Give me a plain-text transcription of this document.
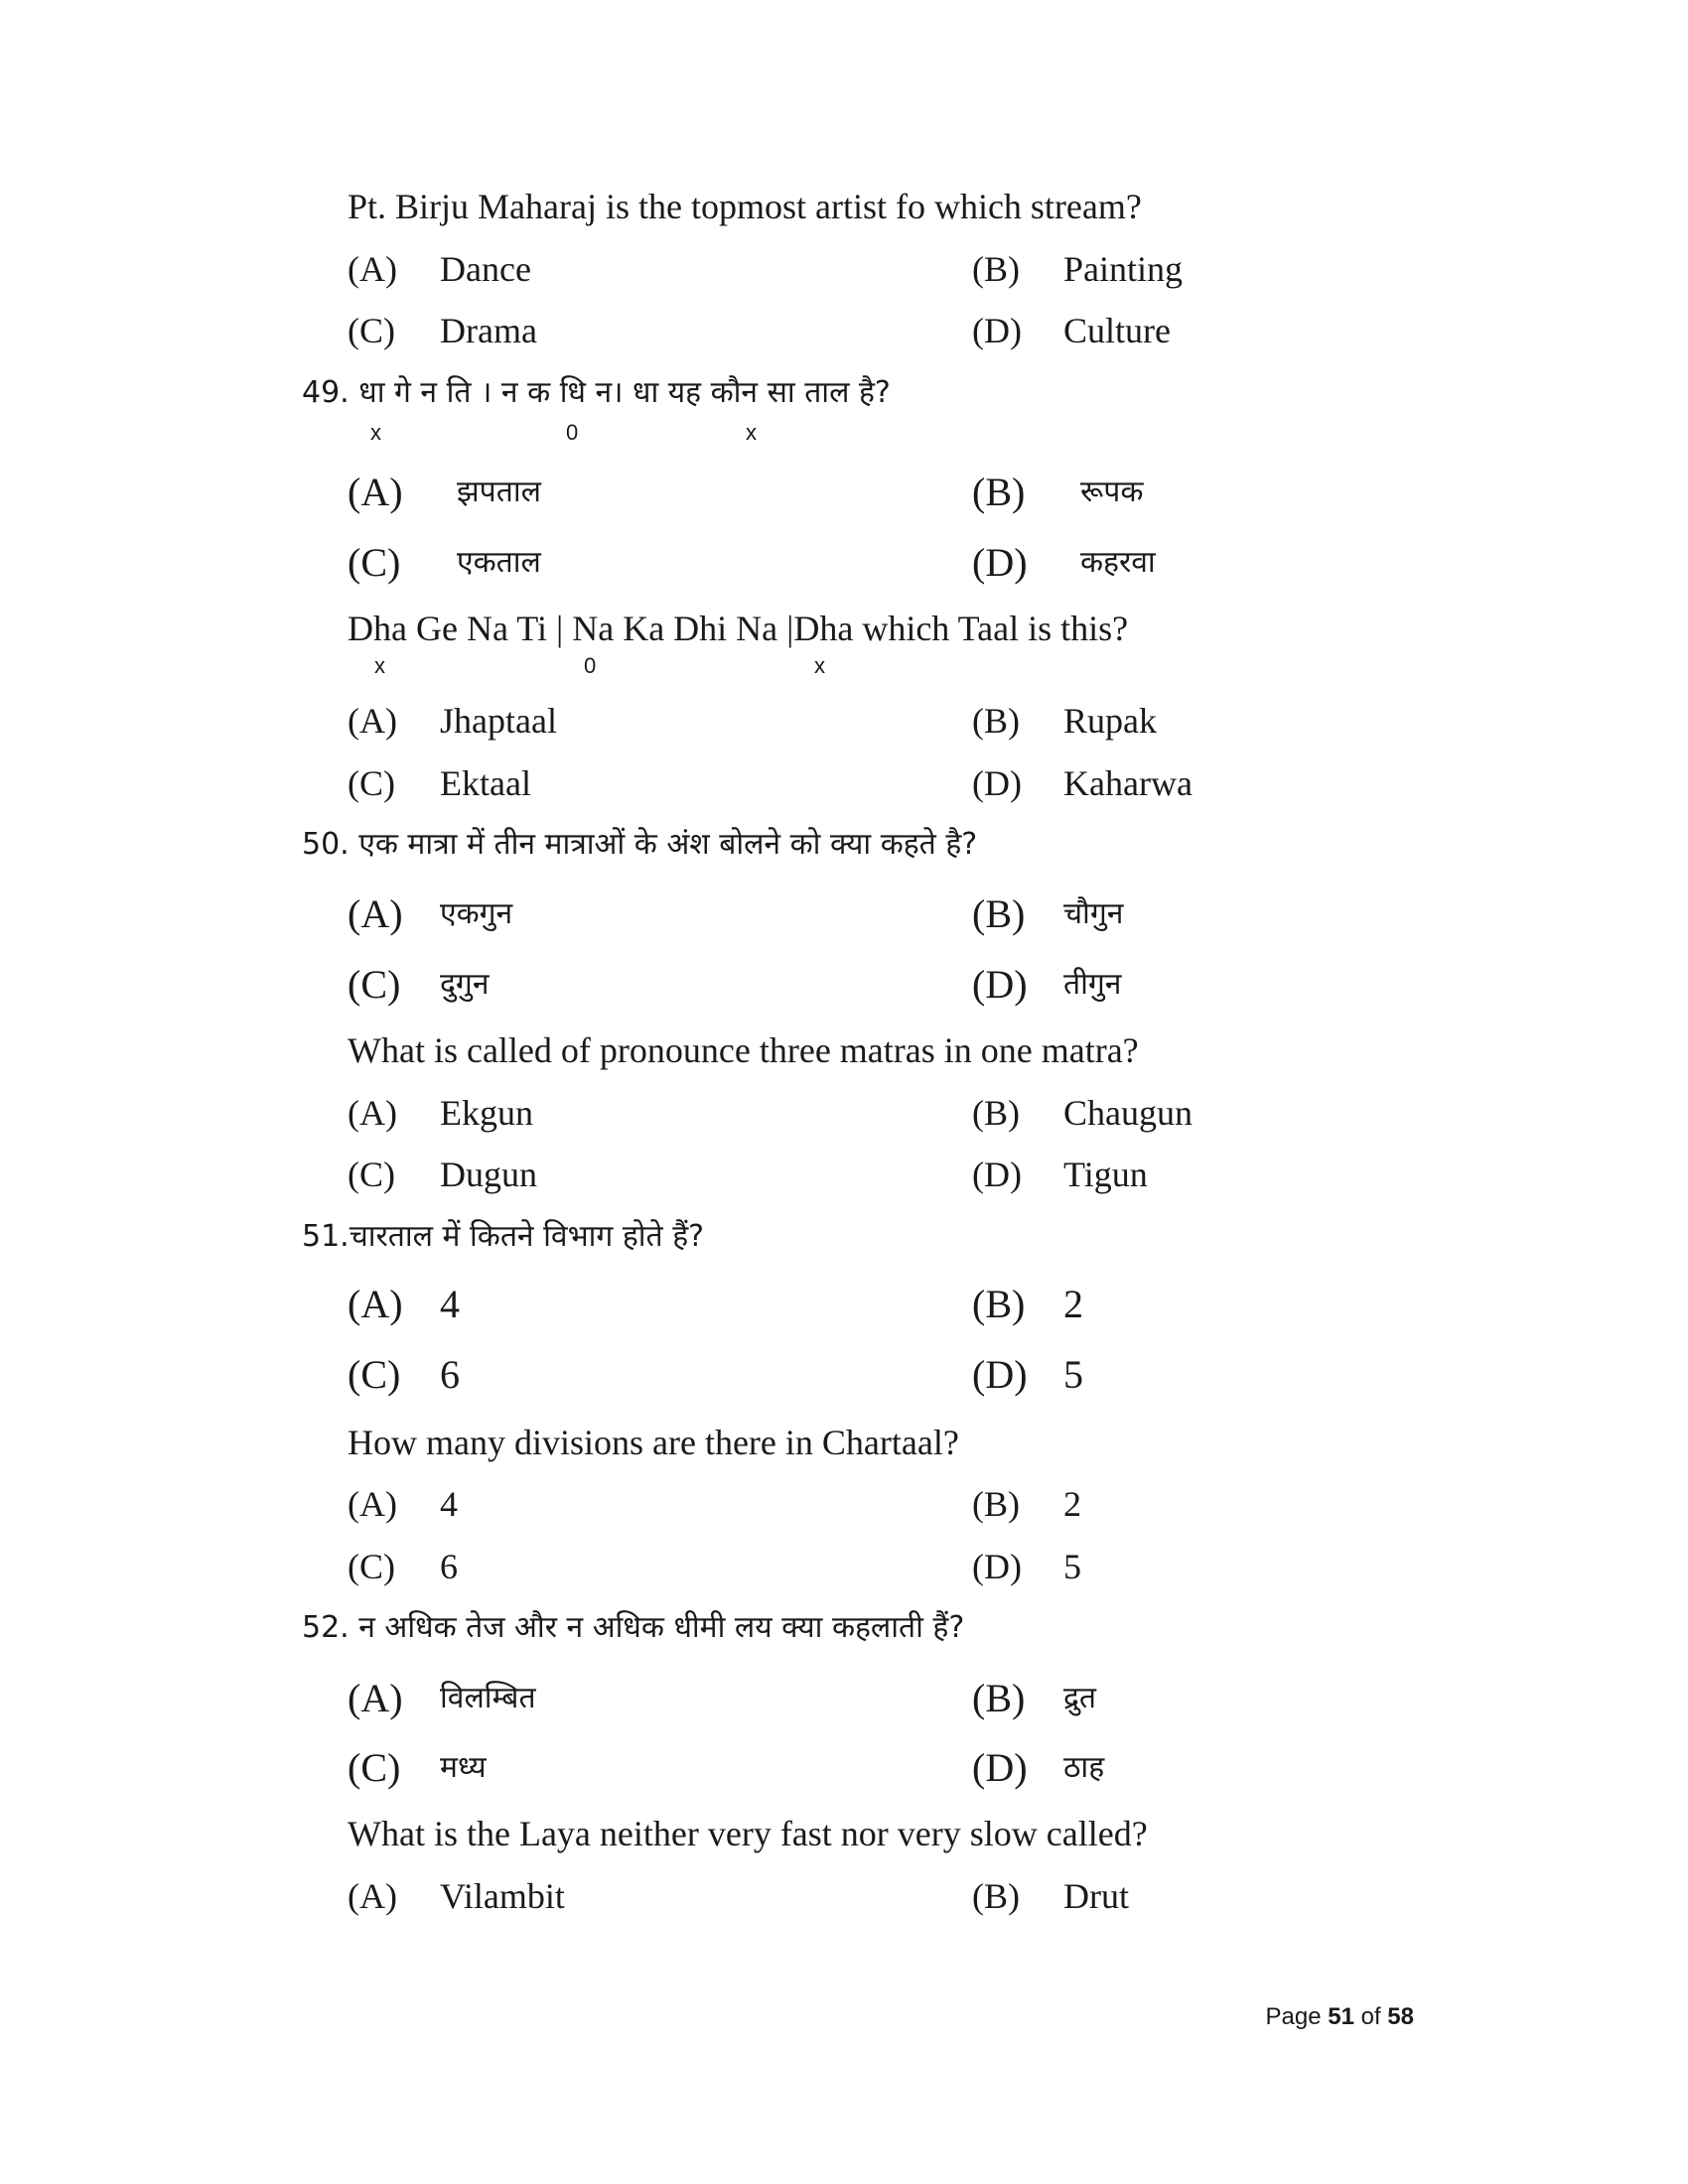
Pt. Birju Maharaj is the topmost artist fo which stream?
(A) Dance	(B) Painting
(C) Drama	(D) Culture
49. धा गे न ति । न क धि न। धा यह कौन सा ताल है?
x	0	x
(A) झपताल	(B) रूपक
(C) एकताल	(D) कहरवा
Dha Ge Na Ti | Na Ka Dhi Na |Dha which Taal is this?
x	0	x
(A) Jhaptaal	(B) Rupak
(C) Ektaal	(D) Kaharwa
50. एक मात्रा में तीन मात्राओं के अंश बोलने को क्या कहते है?
(A) एकगुन	(B) चौगुन
(C) दुगुन	(D) तीगुन
What is called of pronounce three matras in one matra?
(A) Ekgun	(B) Chaugun
(C) Dugun	(D) Tigun
51.चारताल में कितने विभाग होते हैं?
(A) 4	(B) 2
(C) 6	(D) 5
How many divisions are there in Chartaal?
(A) 4	(B) 2
(C) 6	(D) 5
52. न अधिक तेज और न अधिक धीमी लय क्या कहलाती हैं?
(A) विलम्बित	(B) द्रुत
(C) मध्य	(D) ठाह
What is the Laya neither very fast nor very slow called?
(A) Vilambit	(B) Drut
Page 51 of 58
